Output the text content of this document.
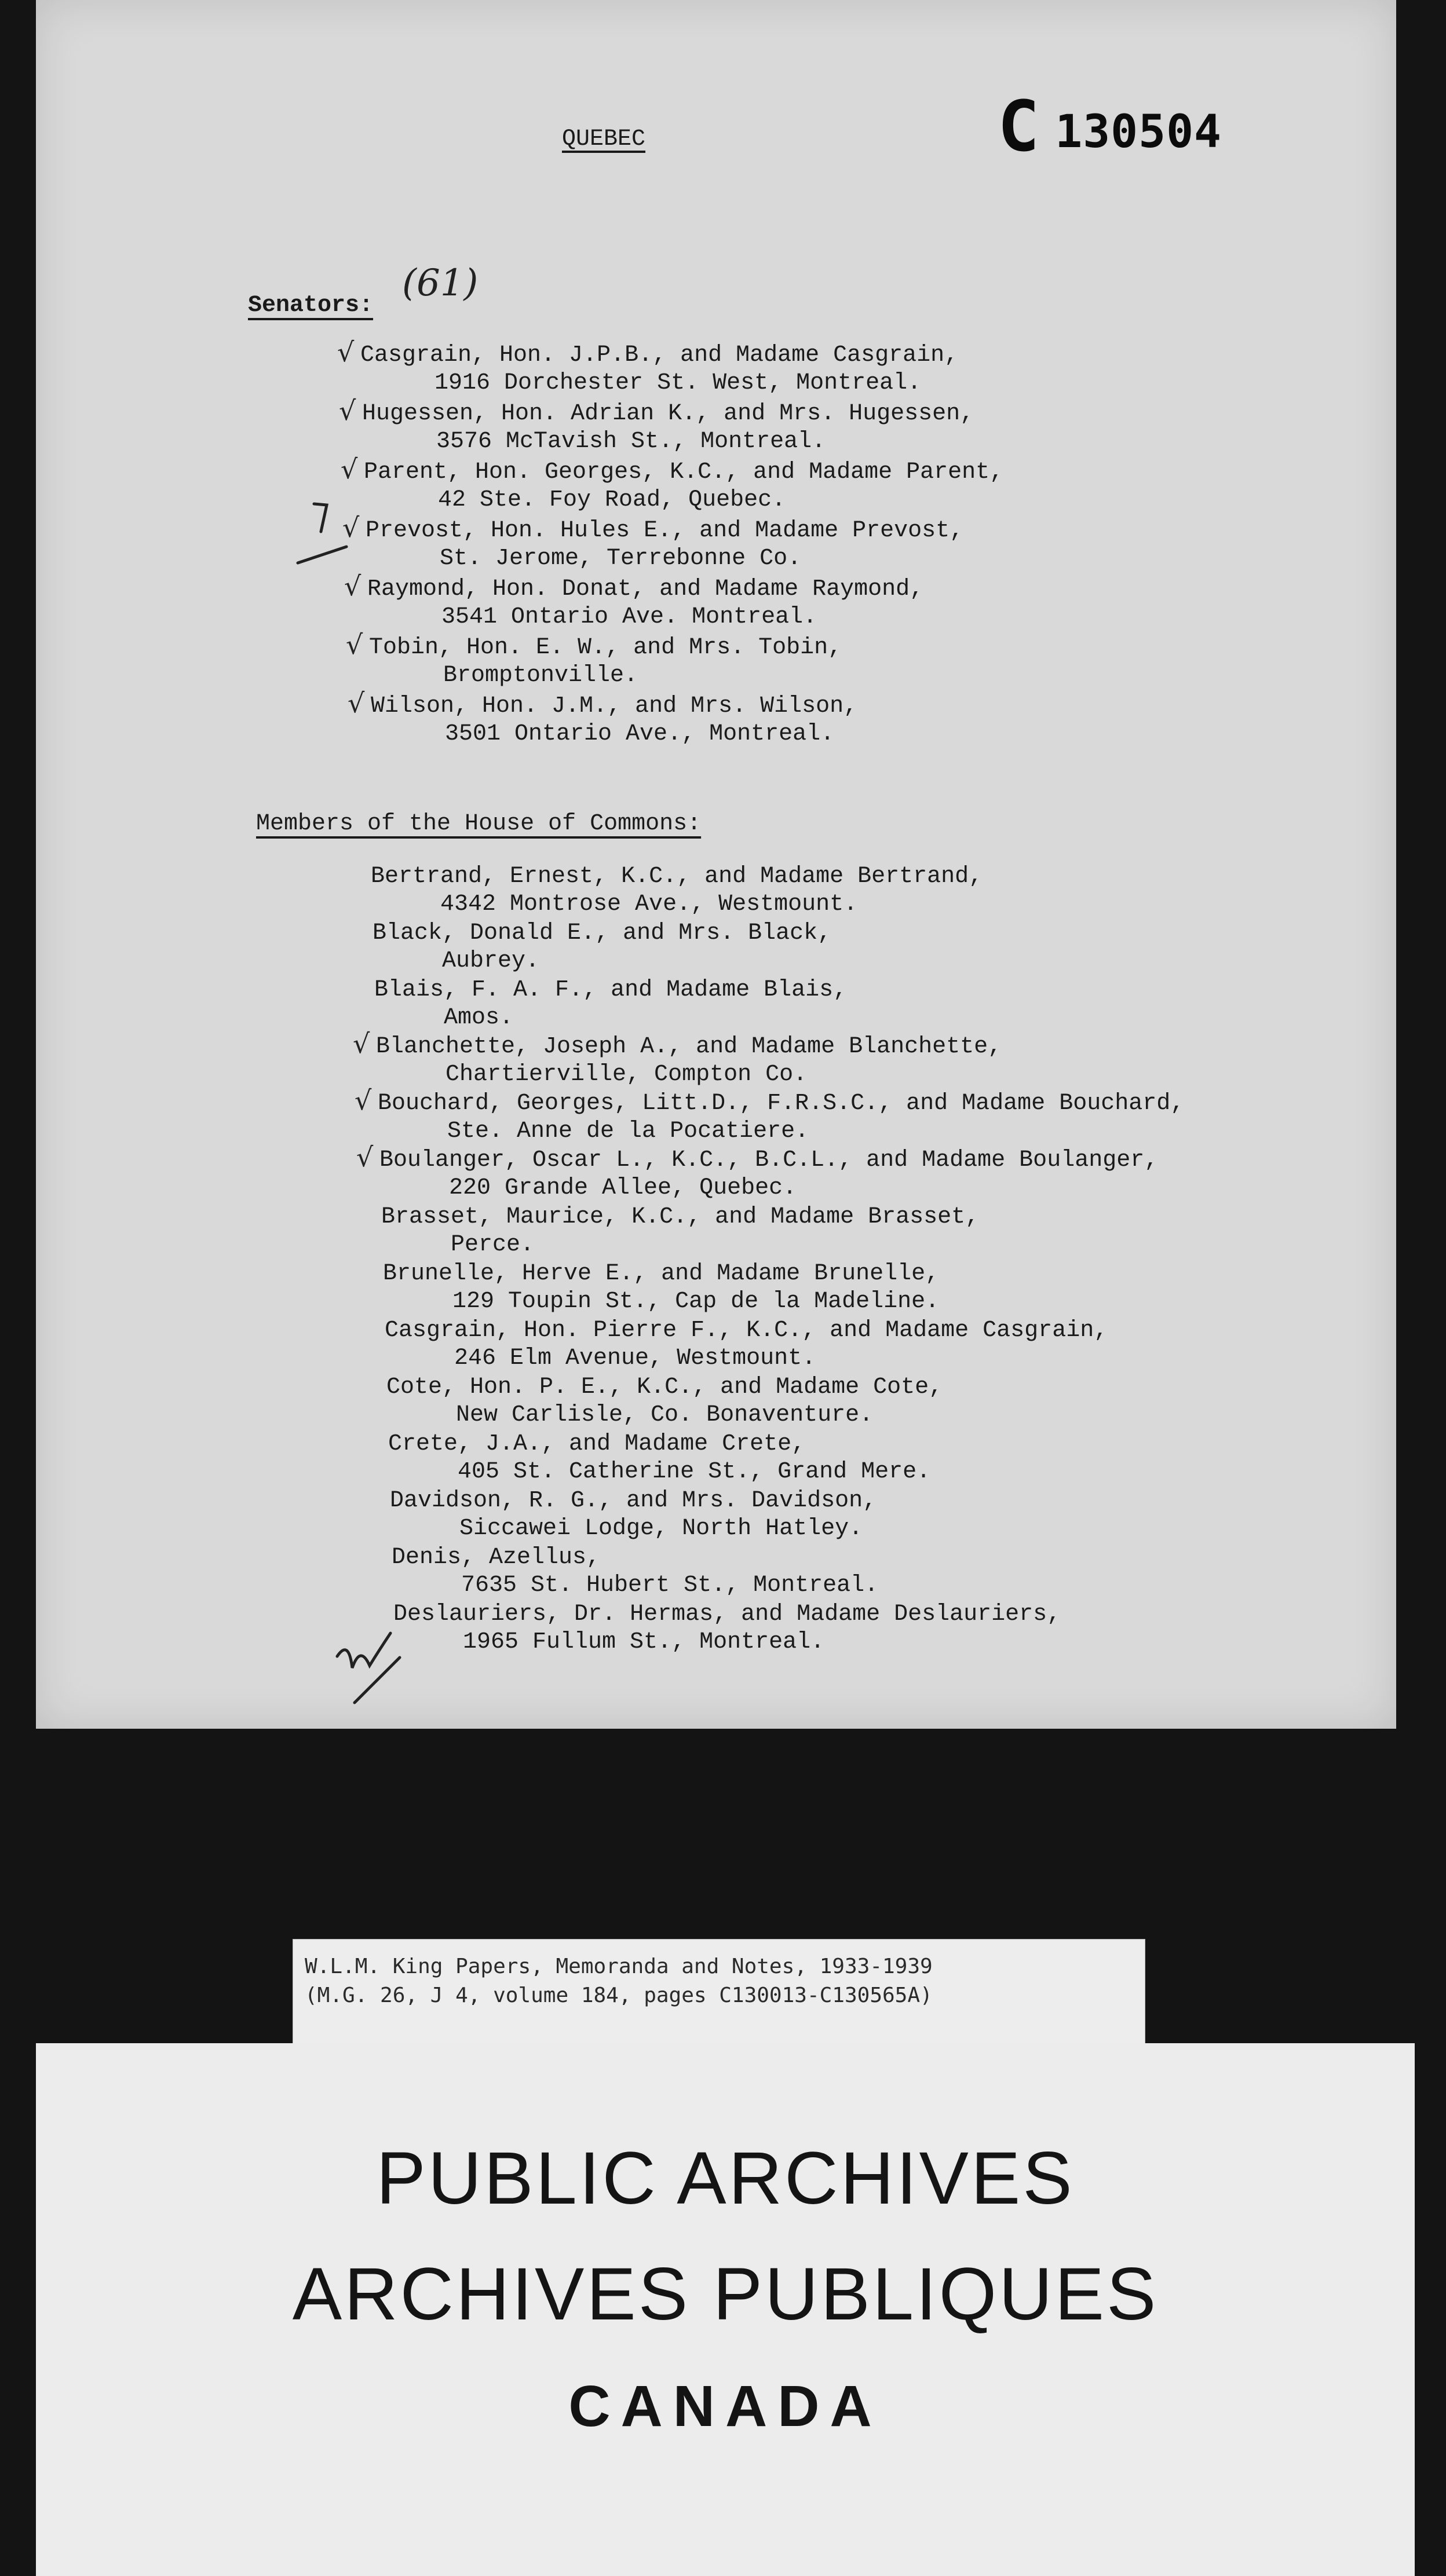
C 130504
QUEBEC
Senators:
(61)
√ Casgrain, Hon. J.P.B., and Madame Casgrain,
1916 Dorchester St. West, Montreal.
√ Hugessen, Hon. Adrian K., and Mrs. Hugessen,
3576 McTavish St., Montreal.
√ Parent, Hon. Georges, K.C., and Madame Parent,
42 Ste. Foy Road, Quebec.
√ Prevost, Hon. Hules E., and Madame Prevost,
St. Jerome, Terrebonne Co.
√ Raymond, Hon. Donat, and Madame Raymond,
3541 Ontario Ave. Montreal.
√ Tobin, Hon. E. W., and Mrs. Tobin,
Bromptonville.
√ Wilson, Hon. J.M., and Mrs. Wilson,
3501 Ontario Ave., Montreal.
Members of the House of Commons:
Bertrand, Ernest, K.C., and Madame Bertrand,
4342 Montrose Ave., Westmount.
Black, Donald E., and Mrs. Black,
Aubrey.
Blais, F. A. F., and Madame Blais,
Amos.
√ Blanchette, Joseph A., and Madame Blanchette,
Chartierville, Compton Co.
√ Bouchard, Georges, Litt.D., F.R.S.C., and Madame Bouchard,
Ste. Anne de la Pocatiere.
√ Boulanger, Oscar L., K.C., B.C.L., and Madame Boulanger,
220 Grande Allee, Quebec.
Brasset, Maurice, K.C., and Madame Brasset,
Perce.
Brunelle, Herve E., and Madame Brunelle,
129 Toupin St., Cap de la Madeline.
Casgrain, Hon. Pierre F., K.C., and Madame Casgrain,
246 Elm Avenue, Westmount.
Cote, Hon. P. E., K.C., and Madame Cote,
New Carlisle, Co. Bonaventure.
Crete, J.A., and Madame Crete,
405 St. Catherine St., Grand Mere.
Davidson, R. G., and Mrs. Davidson,
Siccawei Lodge, North Hatley.
Denis, Azellus,
7635 St. Hubert St., Montreal.
Deslauriers, Dr. Hermas, and Madame Deslauriers,
1965 Fullum St., Montreal.
W.L.M. King Papers, Memoranda and Notes, 1933-1939
(M.G. 26, J 4, volume 184, pages C130013-C130565A)
PUBLIC ARCHIVES
ARCHIVES PUBLIQUES
CANADA
